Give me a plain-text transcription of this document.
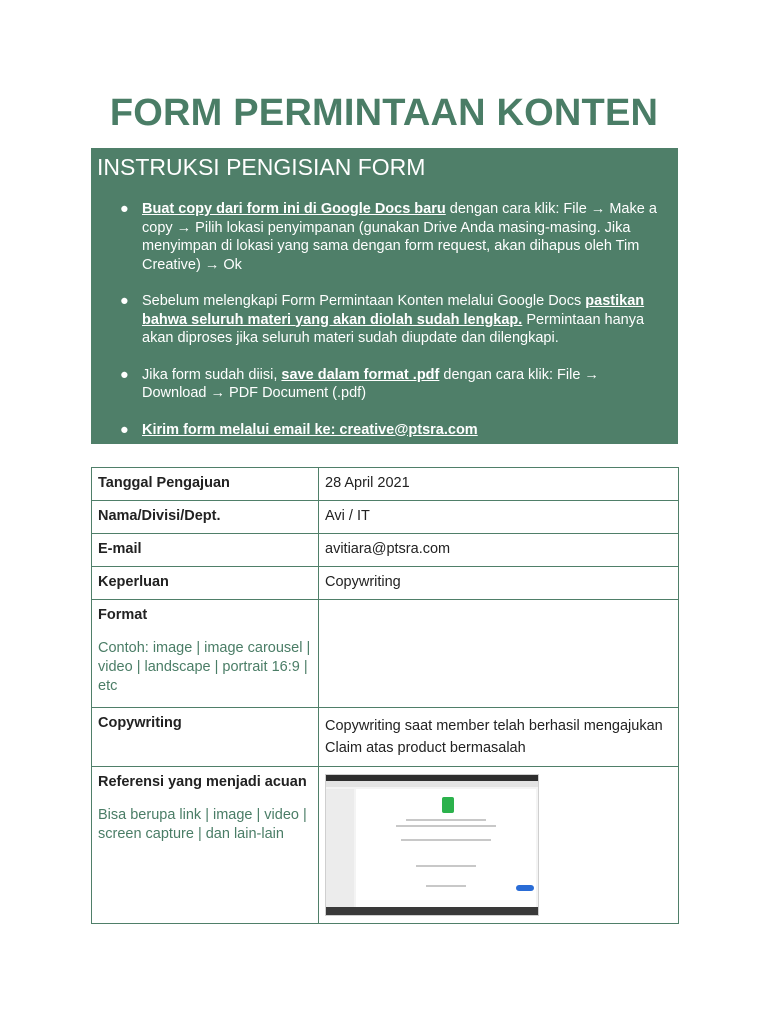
FORM PERMINTAAN KONTEN
INSTRUKSI PENGISIAN FORM
● Buat copy dari form ini di Google Docs baru dengan cara klik: File → Make a copy → Pilih lokasi penyimpanan (gunakan Drive Anda masing-masing. Jika menyimpan di lokasi yang sama dengan form request, akan dihapus oleh Tim Creative) → Ok
● Sebelum melengkapi Form Permintaan Konten melalui Google Docs pastikan bahwa seluruh materi yang akan diolah sudah lengkap. Permintaan hanya akan diproses jika seluruh materi sudah diupdate dan dilengkapi.
● Jika form sudah diisi, save dalam format .pdf dengan cara klik: File → Download → PDF Document (.pdf)
● Kirim form melalui email ke: creative@ptsra.com
Tanggal Pengajuan	28 April 2021
Nama/Divisi/Dept.	Avi / IT
E-mail	avitiara@ptsra.com
Keperluan	Copywriting
Format
Contoh: image | image carousel | video | landscape | portrait 16:9 | etc	

Copywriting	Copywriting saat member telah berhasil mengajukan Claim atas product bermasalah
Referensi yang menjadi acuan
Bisa berupa link | image | video | screen capture | dan lain-lain	
